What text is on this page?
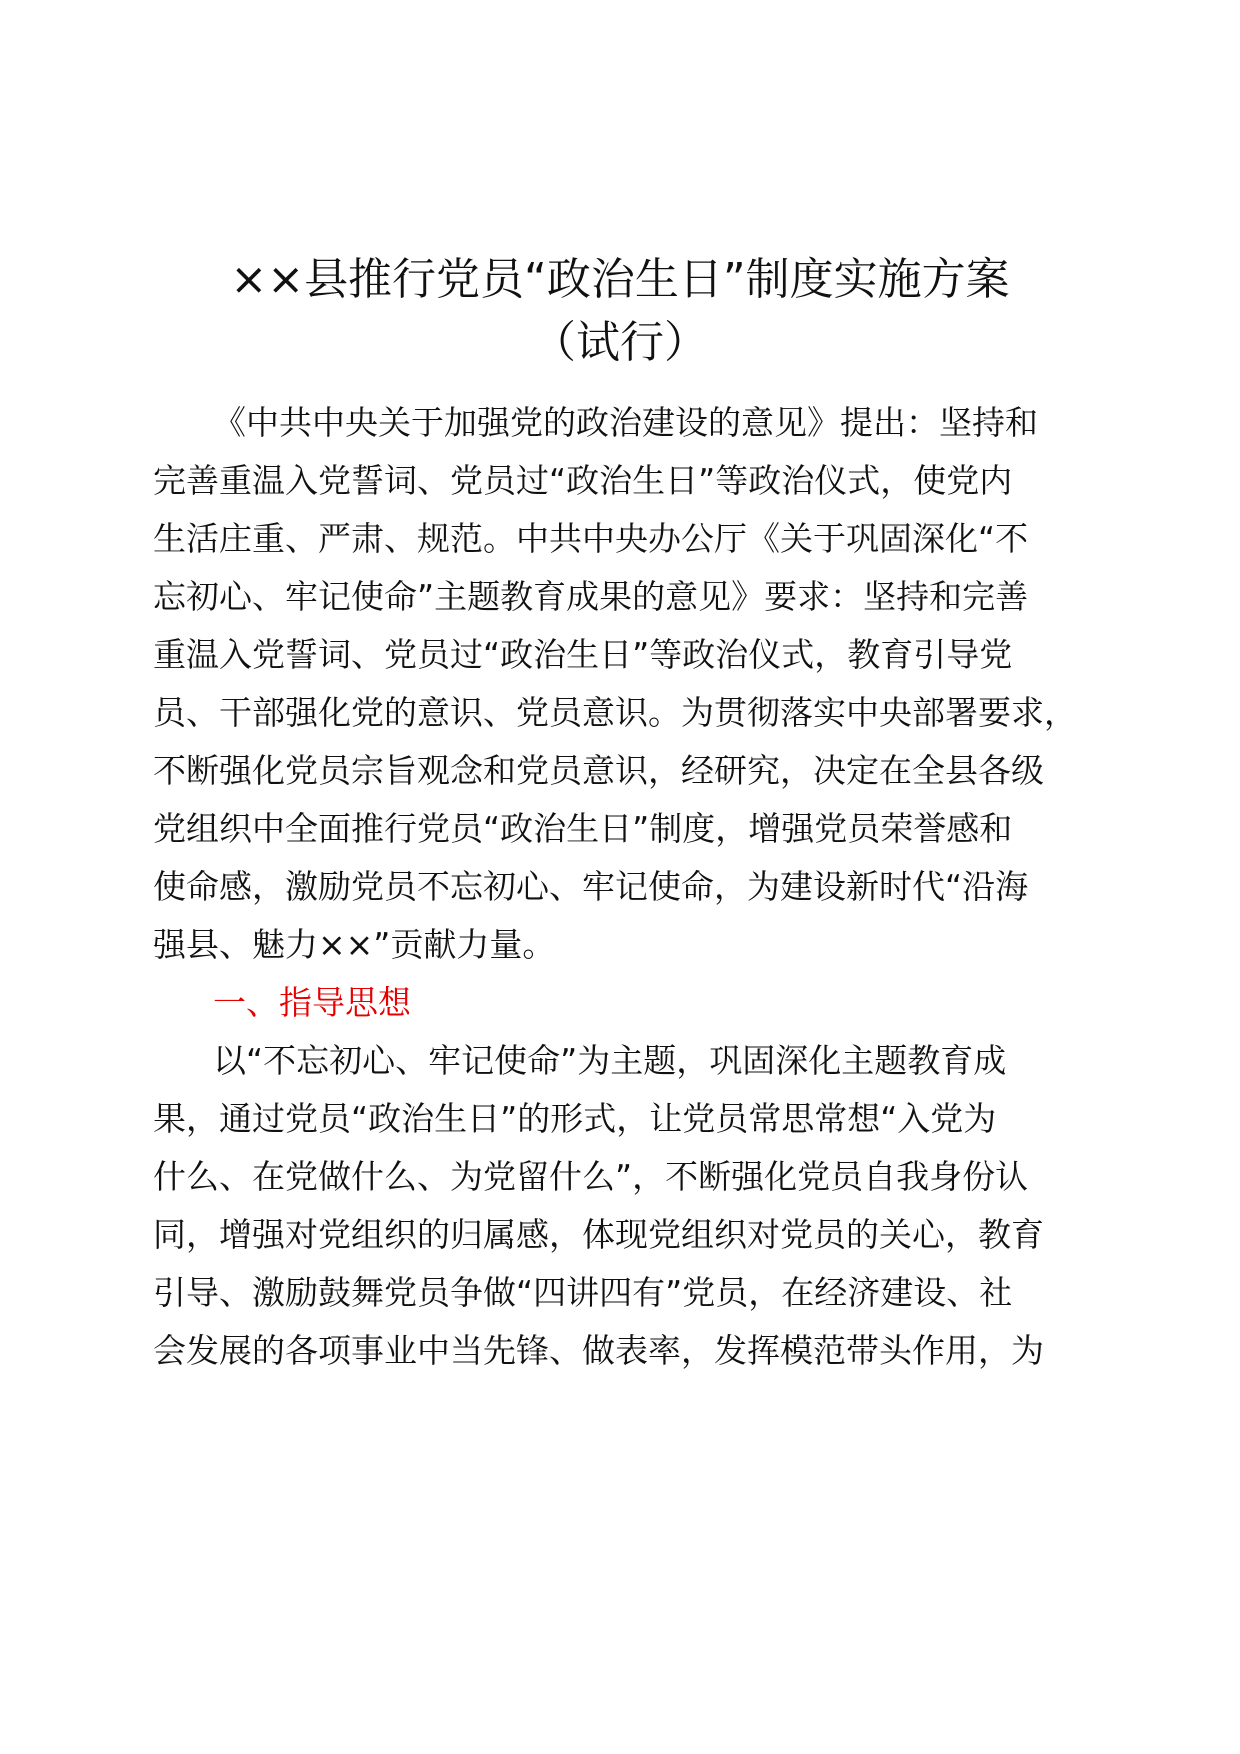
××县推行党员“政治生日”制度实施方案
（试行）
《中共中央关于加强党的政治建设的意见》提出：坚持和
完善重温入党誓词、党员过“政治生日”等政治仪式，使党内
生活庄重、严肃、规范。中共中央办公厅《关于巩固深化“不
忘初心、牢记使命”主题教育成果的意见》要求：坚持和完善
重温入党誓词、党员过“政治生日”等政治仪式，教育引导党
员、干部强化党的意识、党员意识。为贯彻落实中央部署要求，
不断强化党员宗旨观念和党员意识，经研究，决定在全县各级
党组织中全面推行党员“政治生日”制度，增强党员荣誉感和
使命感，激励党员不忘初心、牢记使命，为建设新时代“沿海
强县、魅力××”贡献力量。
一、指导思想
以“不忘初心、牢记使命”为主题，巩固深化主题教育成
果，通过党员“政治生日”的形式，让党员常思常想“入党为
什么、在党做什么、为党留什么”，不断强化党员自我身份认
同，增强对党组织的归属感，体现党组织对党员的关心，教育
引导、激励鼓舞党员争做“四讲四有”党员，在经济建设、社
会发展的各项事业中当先锋、做表率，发挥模范带头作用，为
